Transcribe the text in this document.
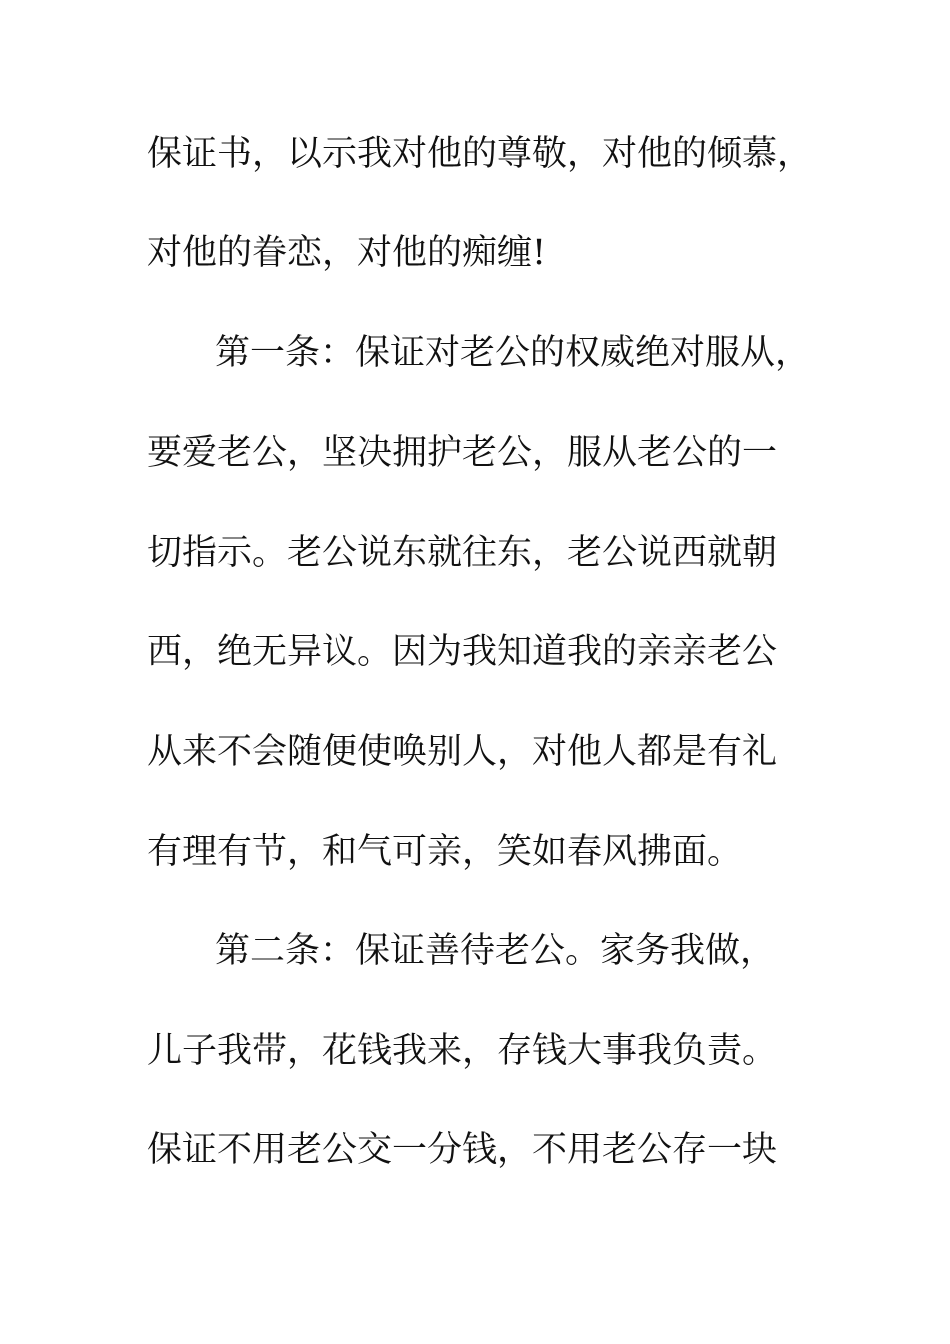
保证书，以示我对他的尊敬，对他的倾慕，
对他的眷恋，对他的痴缠!
第一条：保证对老公的权威绝对服从，
要爱老公，坚决拥护老公，服从老公的一
切指示。老公说东就往东，老公说西就朝
西，绝无异议。因为我知道我的亲亲老公
从来不会随便使唤别人，对他人都是有礼
有理有节，和气可亲，笑如春风拂面。
第二条：保证善待老公。家务我做，
儿子我带，花钱我来，存钱大事我负责。
保证不用老公交一分钱，不用老公存一块
